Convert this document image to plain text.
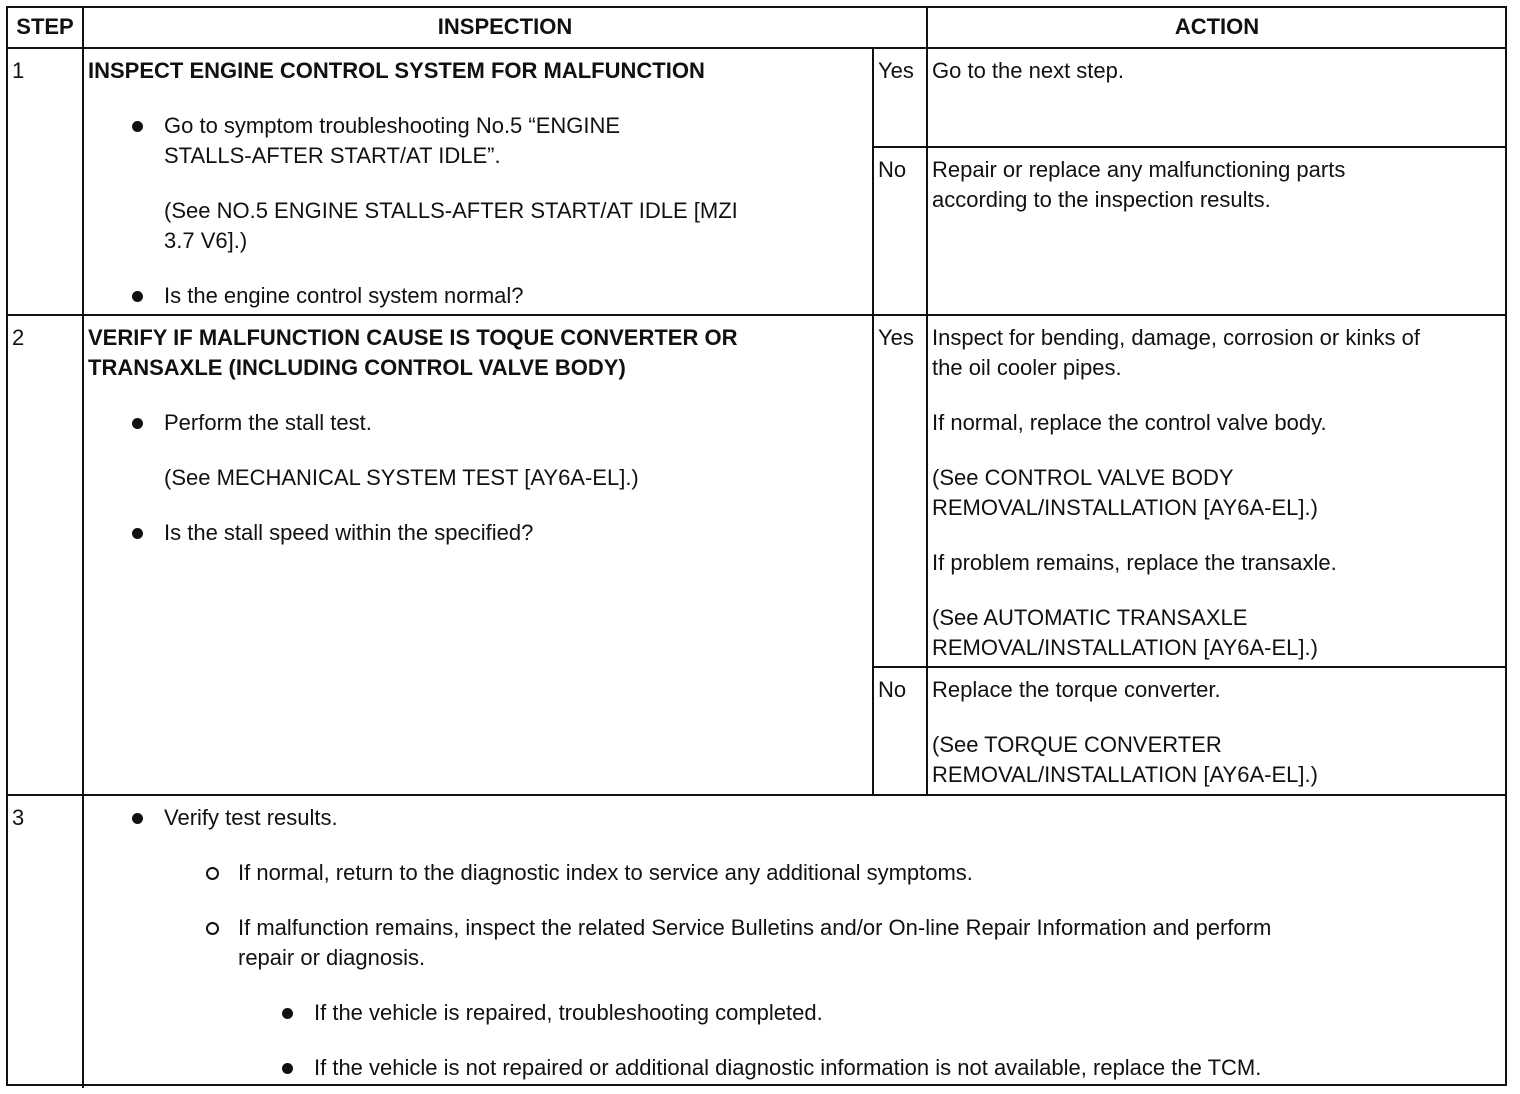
STEP	INSPECTION	ACTION
1	INSPECT ENGINE CONTROL SYSTEM FOR MALFUNCTION
Go to symptom troubleshooting No.5 “ENGINE
STALLS-AFTER START/AT IDLE”.
(See NO.5 ENGINE STALLS-AFTER START/AT IDLE [MZI
3.7 V6].)
Is the engine control system normal?
Yes Go to the next step.
No Repair or replace any malfunctioning parts
according to the inspection results.
2	VERIFY IF MALFUNCTION CAUSE IS TOQUE CONVERTER OR
TRANSAXLE (INCLUDING CONTROL VALVE BODY)
Perform the stall test.
(See MECHANICAL SYSTEM TEST [AY6A-EL].)
Is the stall speed within the specified?
Yes Inspect for bending, damage, corrosion or kinks of
the oil cooler pipes.
If normal, replace the control valve body.
(See CONTROL VALVE BODY
REMOVAL/INSTALLATION [AY6A-EL].)
If problem remains, replace the transaxle.
(See AUTOMATIC TRANSAXLE
REMOVAL/INSTALLATION [AY6A-EL].)
No Replace the torque converter.
(See TORQUE CONVERTER
REMOVAL/INSTALLATION [AY6A-EL].)
3	Verify test results.
If normal, return to the diagnostic index to service any additional symptoms.
If malfunction remains, inspect the related Service Bulletins and/or On-line Repair Information and perform
repair or diagnosis.
If the vehicle is repaired, troubleshooting completed.
If the vehicle is not repaired or additional diagnostic information is not available, replace the TCM.
